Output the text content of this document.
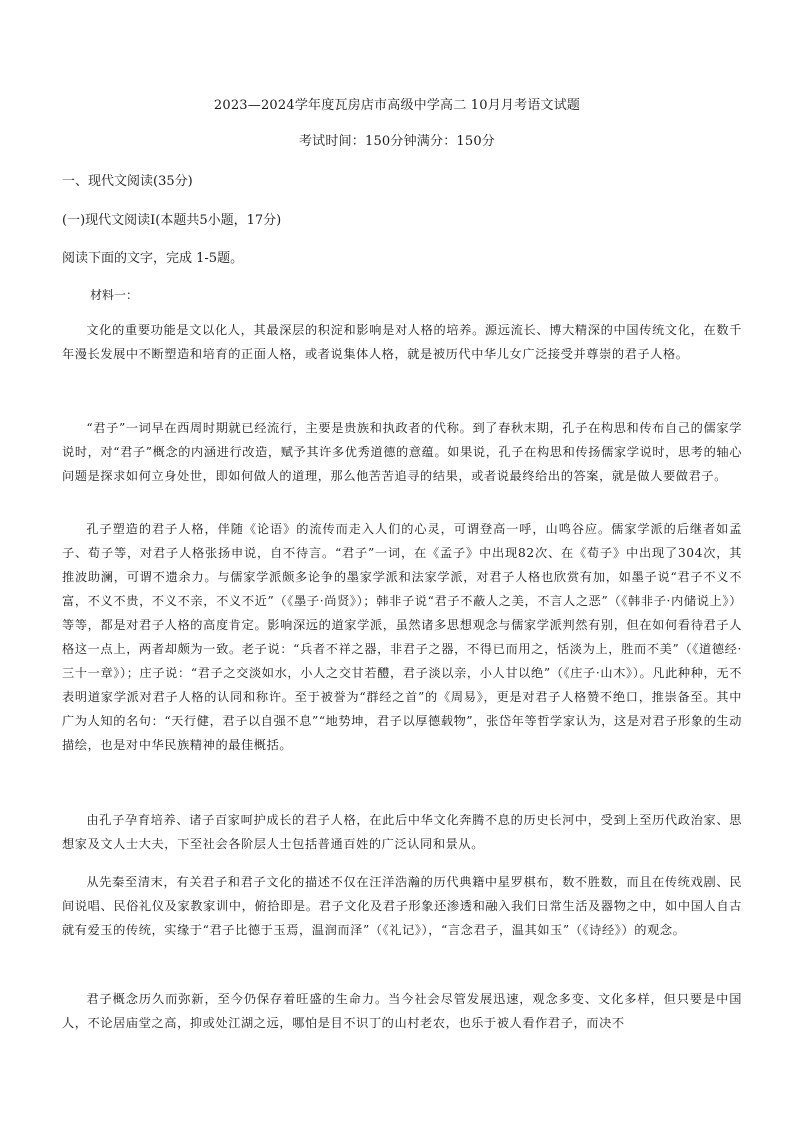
2023—2024学年度瓦房店市高级中学高二 10月月考语文试题
考试时间：150分钟满分：150分
一、现代文阅读(35分)
(一)现代文阅读Ⅰ(本题共5小题，17分)
阅读下面的文字，完成 1-5题。
材料一：
文化的重要功能是文以化人，其最深层的积淀和影响是对人格的培养。源远流长、博大精深的中国传统文化，在数千年漫长发展中不断塑造和培育的正面人格，或者说集体人格，就是被历代中华儿女广泛接受并尊崇的君子人格。
“君子”一词早在西周时期就已经流行，主要是贵族和执政者的代称。到了春秋末期，孔子在构思和传布自己的儒家学说时，对“君子”概念的内涵进行改造，赋予其许多优秀道德的意蕴。如果说，孔子在构思和传扬儒家学说时，思考的轴心问题是探求如何立身处世，即如何做人的道理，那么他苦苦追寻的结果，或者说最终给出的答案，就是做人要做君子。
孔子塑造的君子人格，伴随《论语》的流传而走入人们的心灵，可谓登高一呼，山鸣谷应。儒家学派的后继者如孟子、荀子等，对君子人格张扬申说，自不待言。“君子”一词，在《孟子》中出现82次、在《荀子》中出现了304次，其推波助澜，可谓不遗余力。与儒家学派颇多论争的墨家学派和法家学派，对君子人格也欣赏有加，如墨子说“君子不义不富，不义不贵，不义不亲，不义不近”（《墨子·尚贤》）；韩非子说“君子不蔽人之美，不言人之恶”（《韩非子·内储说上》）等等，都是对君子人格的高度肯定。影响深远的道家学派，虽然诸多思想观念与儒家学派判然有别，但在如何看待君子人格这一点上，两者却颇为一致。老子说：“兵者不祥之器，非君子之器，不得已而用之，恬淡为上，胜而不美”（《道德经·三十一章》）；庄子说：“君子之交淡如水，小人之交甘若醴，君子淡以亲，小人甘以绝”（《庄子·山木》）。凡此种种，无不表明道家学派对君子人格的认同和称许。至于被誉为“群经之首”的《周易》，更是对君子人格赞不绝口，推崇备至。其中广为人知的名句：“天行健，君子以自强不息”“地势坤，君子以厚德载物”，张岱年等哲学家认为，这是对君子形象的生动描绘，也是对中华民族精神的最佳概括。
由孔子孕育培养、诸子百家呵护成长的君子人格，在此后中华文化奔腾不息的历史长河中，受到上至历代政治家、思想家及文人士大夫，下至社会各阶层人士包括普通百姓的广泛认同和景从。
从先秦至清末，有关君子和君子文化的描述不仅在汪洋浩瀚的历代典籍中星罗棋布，数不胜数，而且在传统戏剧、民间说唱、民俗礼仪及家教家训中，俯拾即是。君子文化及君子形象还渗透和融入我们日常生活及器物之中，如中国人自古就有爱玉的传统，实缘于“君子比德于玉焉，温润而泽”（《礼记》），“言念君子，温其如玉”（《诗经》）的观念。
君子概念历久而弥新，至今仍保存着旺盛的生命力。当今社会尽管发展迅速，观念多变、文化多样，但只要是中国人，不论居庙堂之高，抑或处江湖之远，哪怕是目不识丁的山村老农，也乐于被人看作君子，而决不
